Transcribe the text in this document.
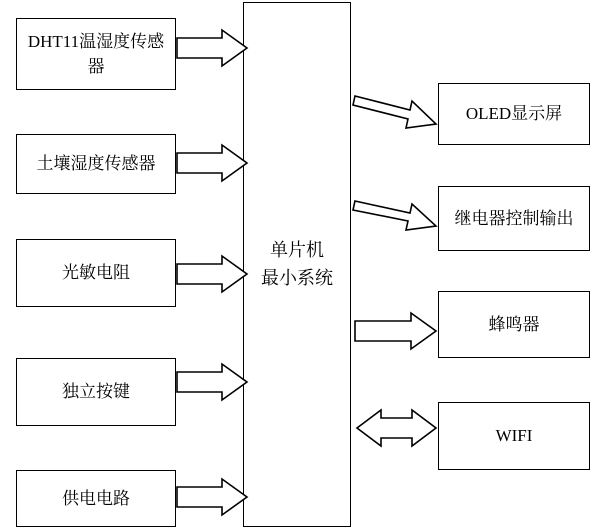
DHT11温湿度传感器
土壤湿度传感器
光敏电阻
独立按键
供电电路
单片机
最小系统
OLED显示屏
继电器控制输出
蜂鸣器
WIFI
